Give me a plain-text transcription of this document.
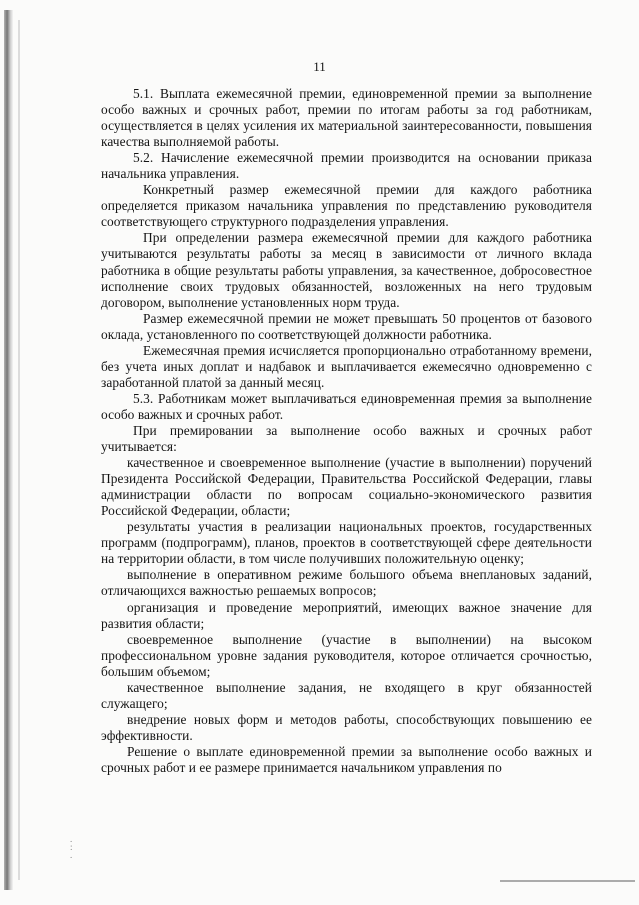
.
:
.
11

5.1. Выплата ежемесячной премии, единовременной премии за выполнение особо важных и срочных работ, премии по итогам работы за год работникам, осуществляется в целях усиления их материальной заинтересованности, повышения качества выполняемой работы.

5.2. Начисление ежемесячной премии производится на основании приказа начальника управления.

Конкретный размер ежемесячной премии для каждого работника определяется приказом начальника управления по представлению руководителя соответствующего структурного подразделения управления.

При определении размера ежемесячной премии для каждого работника учитываются результаты работы за месяц в зависимости от личного вклада работника в общие результаты работы управления, за качественное, добросовестное исполнение своих трудовых обязанностей, возложенных на него трудовым договором, выполнение установленных норм труда.

Размер ежемесячной премии не может превышать 50 процентов от базового оклада, установленного по соответствующей должности работника.

Ежемесячная премия исчисляется пропорционально отработанному времени, без учета иных доплат и надбавок и выплачивается ежемесячно одновременно с заработанной платой за данный месяц.

5.3. Работникам может выплачиваться единовременная премия за выполнение особо важных и срочных работ.

При премировании за выполнение особо важных и срочных работ учитывается:

качественное и своевременное выполнение (участие в выполнении) поручений Президента Российской Федерации, Правительства Российской Федерации, главы администрации области по вопросам социально-экономического развития Российской Федерации, области;

результаты участия в реализации национальных проектов, государственных программ (подпрограмм), планов, проектов в соответствующей сфере деятельности на территории области, в том числе получивших положительную оценку;

выполнение в оперативном режиме большого объема внеплановых заданий, отличающихся важностью решаемых вопросов;

организация и проведение мероприятий, имеющих важное значение для развития области;

своевременное выполнение (участие в выполнении) на высоком профессиональном уровне задания руководителя, которое отличается срочностью, большим объемом;

качественное выполнение задания, не входящего в круг обязанностей служащего;

внедрение новых форм и методов работы, способствующих повышению ее эффективности.

Решение о выплате единовременной премии за выполнение особо важных и срочных работ и ее размере принимается начальником управления по
